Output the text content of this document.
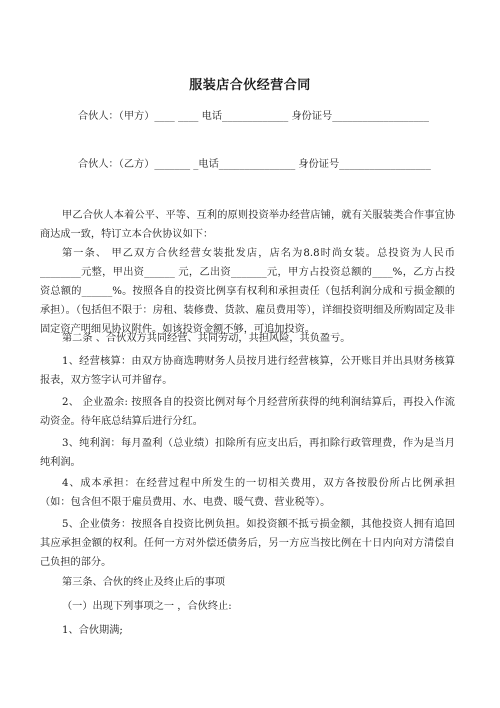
服装店合伙经营合同
合伙人：（甲方）____ ____ 电话_____________ 身份证号___________________
合伙人：（乙方）_______ _电话_______________ 身份证号__________________
甲乙合伙人本着公平、平等、互利的原则投资举办经营店铺，就有关服装类合作事宜协商达成一致，特订立本合伙协议如下：
第一条、 甲乙双方合伙经营女装批发店，店名为8.8时尚女装。总投资为人民币________元整，甲出资______ 元，乙出资_______元，甲方占投资总额的____%，乙方占投资总额的______%。按照各自的投资比例享有权利和承担责任（包括利润分成和亏损金额的承担）。（包括但不限于：房租、装修费、货款、雇员费用等），详细投资明细及所购固定及非固定资产明细见协议附件。如该投资金额不够，可追加投资。
第二条 、合伙双方共同经营、共同劳动，共担风险，共负盈亏。
1、经营核算：由双方协商选聘财务人员按月进行经营核算，公开账目并出具财务核算报表，双方签字认可并留存。
2、 企业盈余: 按照各自的投资比例对每个月经营所获得的纯利润结算后，再投入作流动资金。待年底总结算后进行分红。
3、纯利润：每月盈利（总业绩）扣除所有应支出后，再扣除行政管理费，作为是当月纯利润。
4、成本承担：在经营过程中所发生的一切相关费用，双方各按股份所占比例承担（如：包含但不限于雇员费用、水、电费、暖气费、营业税等）。
5、企业债务：按照各自投资比例负担。如投资额不抵亏损金额，其他投资人拥有追回其应承担金额的权利。任何一方对外偿还债务后，另一方应当按比例在十日内向对方清偿自己负担的部分。
第三条、合伙的终止及终止后的事项
（一）出现下列事项之一 ，合伙终止:
1、合伙期满;
